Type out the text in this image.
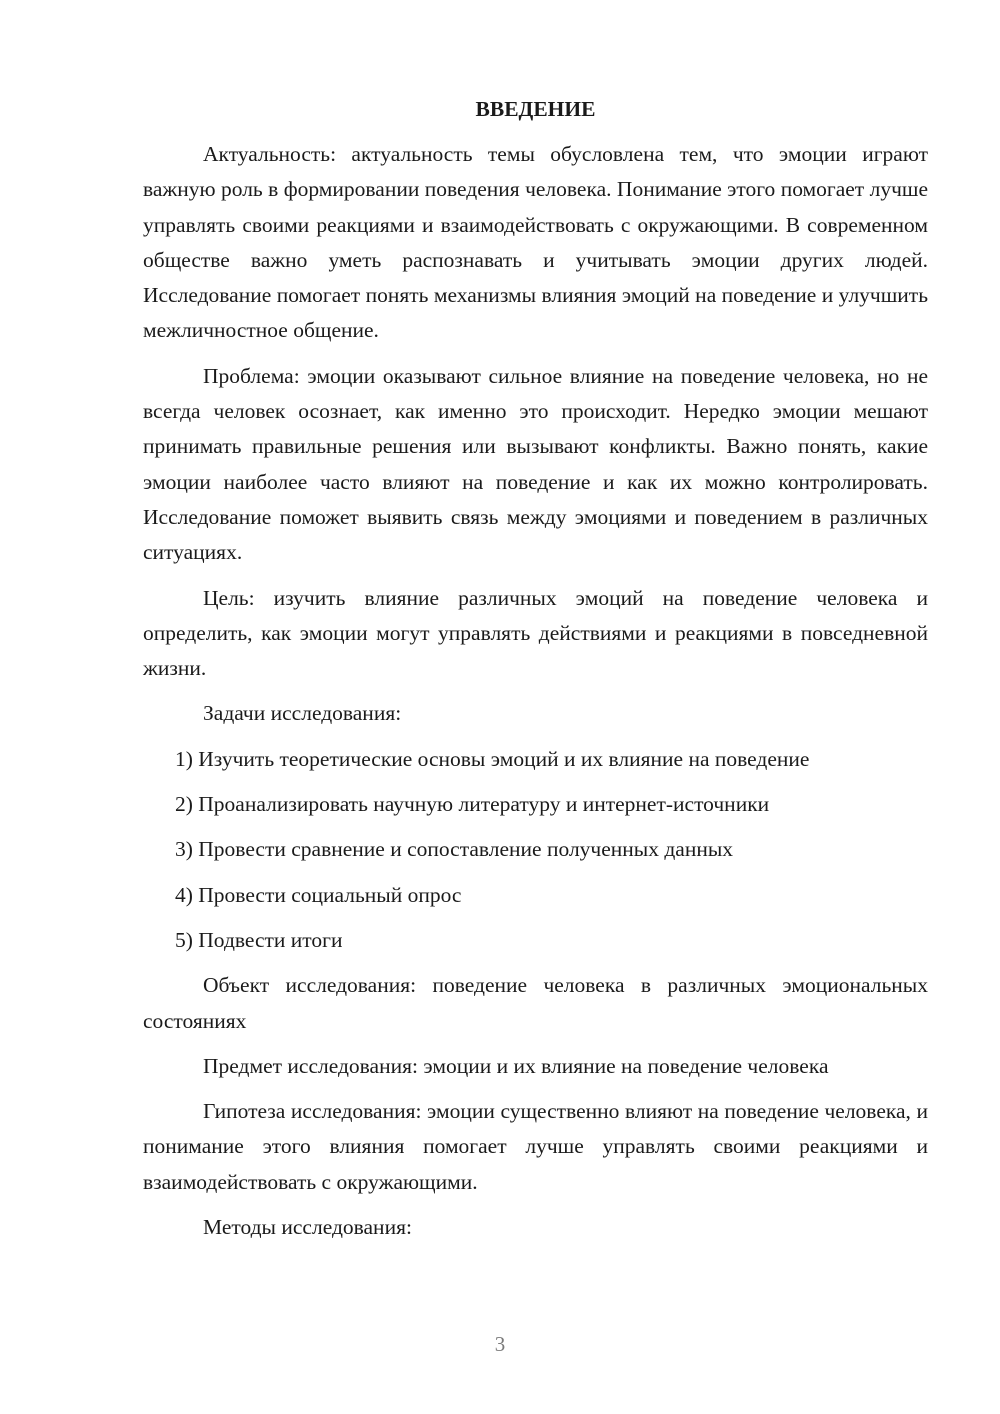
ВВЕДЕНИЕ
Актуальность: актуальность темы обусловлена тем, что эмоции играют важную роль в формировании поведения человека. Понимание этого помогает лучше управлять своими реакциями и взаимодействовать с окружающими. В современном обществе важно уметь распознавать и учитывать эмоции других людей. Исследование помогает понять механизмы влияния эмоций на поведение и улучшить межличностное общение.
Проблема: эмоции оказывают сильное влияние на поведение человека, но не всегда человек осознает, как именно это происходит. Нередко эмоции мешают принимать правильные решения или вызывают конфликты. Важно понять, какие эмоции наиболее часто влияют на поведение и как их можно контролировать. Исследование поможет выявить связь между эмоциями и поведением в различных ситуациях.
Цель: изучить влияние различных эмоций на поведение человека и определить, как эмоции могут управлять действиями и реакциями в повседневной жизни.
Задачи исследования:
1) Изучить теоретические основы эмоций и их влияние на поведение
2) Проанализировать научную литературу и интернет-источники
3) Провести сравнение и сопоставление полученных данных
4) Провести социальный опрос
5) Подвести итоги
Объект исследования: поведение человека в различных эмоциональных состояниях
Предмет исследования: эмоции и их влияние на поведение человека
Гипотеза исследования: эмоции существенно влияют на поведение человека, и понимание этого влияния помогает лучше управлять своими реакциями и взаимодействовать с окружающими.
Методы исследования:
3
